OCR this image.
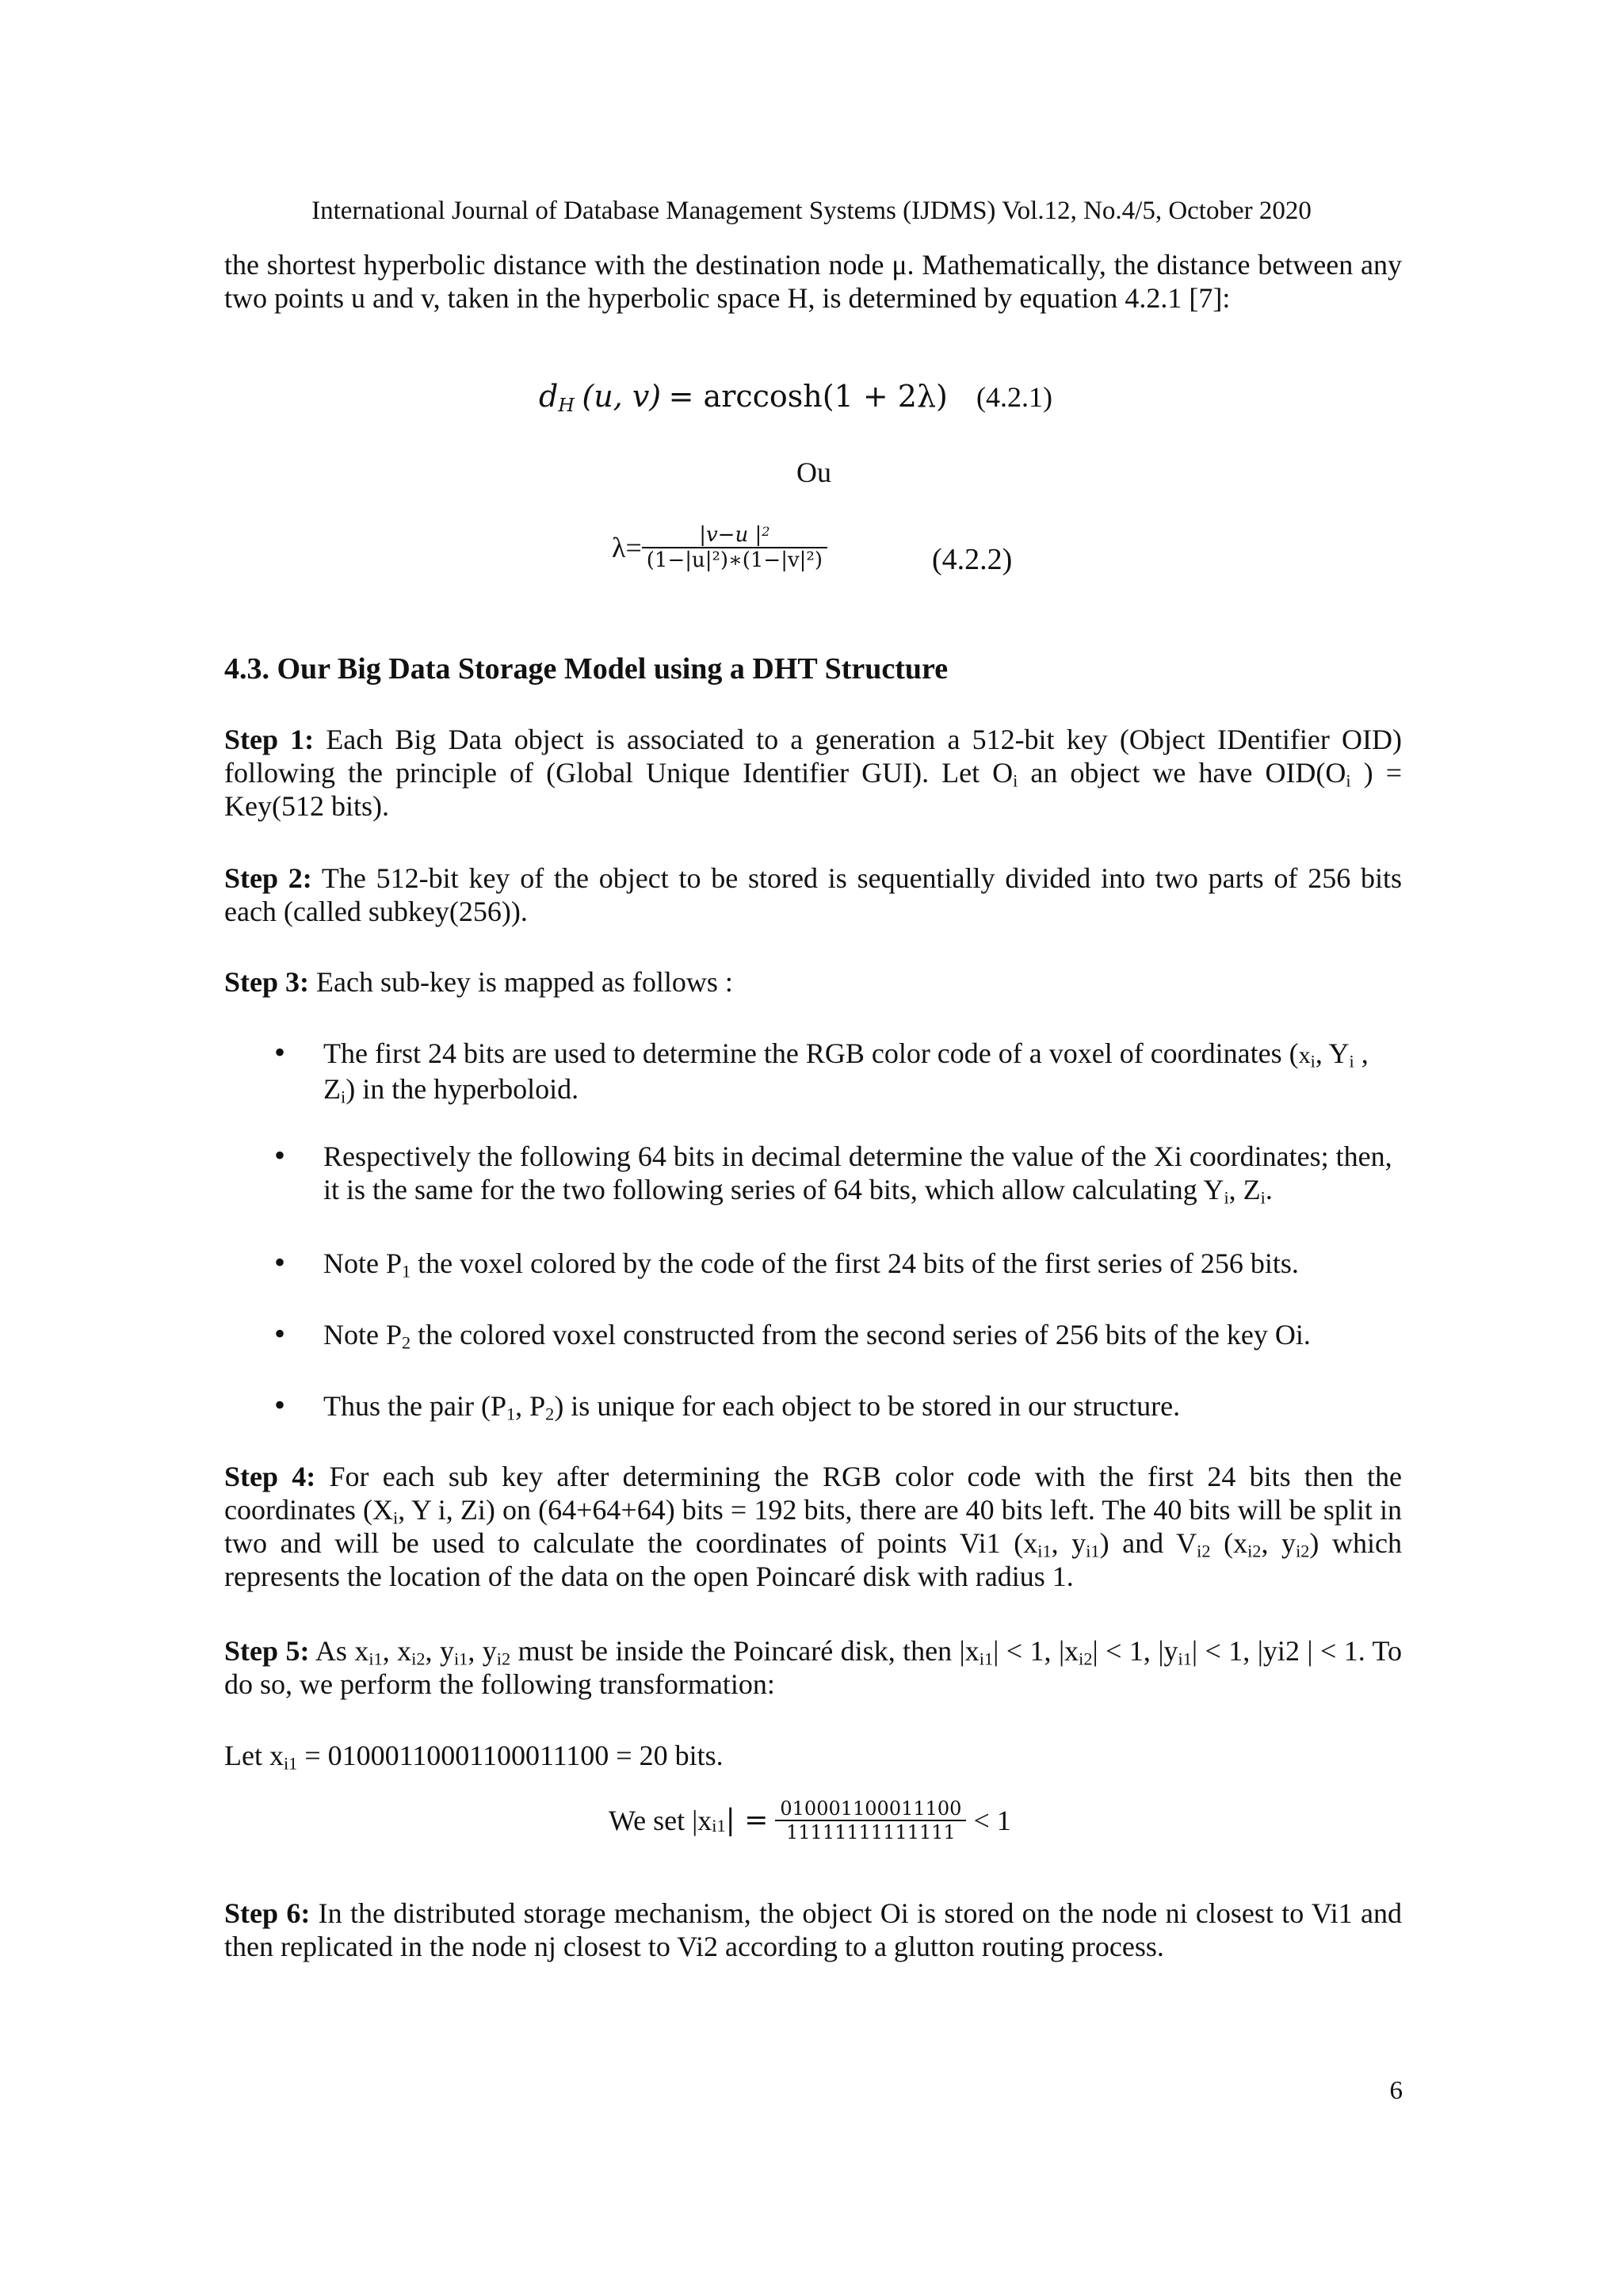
International Journal of Database Management Systems (IJDMS) Vol.12, No.4/5, October 2020
the shortest hyperbolic distance with the destination node μ. Mathematically, the distance between any two points u and v, taken in the hyperbolic space H, is determined by equation 4.2.1 [7]:
$d_H$ (u, v) = arccosh(1 + 2λ) (4.2.1)
Ou
$\lambda= \frac{|v-u |^2}{\text{(1−|u|²)∗(1−|v|²)}}$	(4.2.2)
4.3. Our Big Data Storage Model using a DHT Structure
Step 1: Each Big Data object is associated to a generation a 512-bit key (Object IDentifier OID) following the principle of (Global Unique Identifier GUI). Let $O_i$ an object we have $OID(O_i$ ) = Key(512 bits).
Step 2: The 512-bit key of the object to be stored is sequentially divided into two parts of 256 bits each (called subkey(256)).
Step 3: Each sub-key is mapped as follows :
• The first 24 bits are used to determine the RGB color code of a voxel of coordinates ($x_i$, $Y_i$ , $Z_i$) in the hyperboloid.
• Respectively the following 64 bits in decimal determine the value of the Xi coordinates; then, it is the same for the two following series of 64 bits, which allow calculating $Y_i$, $Z_i$.
• Note $P_1$ the voxel colored by the code of the first 24 bits of the first series of 256 bits.
• Note $P_2$ the colored voxel constructed from the second series of 256 bits of the key Oi.
• Thus the pair ($P_1$, $P_2$) is unique for each object to be stored in our structure.
Step 4: For each sub key after determining the RGB color code with the first 24 bits then the coordinates ($X_i$, Y i, Zi) on (64+64+64) bits = 192 bits, there are 40 bits left. The 40 bits will be split in two and will be used to calculate the coordinates of points Vi1 ($x_{i1}$, $y_{i1}$) and $V_{i2}$ ($x_{i2}$, $y_{i2}$) which represents the location of the data on the open Poincaré disk with radius 1.
Step 5: As $x_{i1}$, $x_{i2}$, $y_{i1}$, $y_{i2}$ must be inside the Poincaré disk, then $|x_{i1}| < 1$, $|x_{i2}| < 1$, $|y_{i1}| < 1$, |yi2 | < 1. To do so, we perform the following transformation:
Let $x_{i1} = 01000110001100011100 = 20$ bits.
We set $|x_{i1}| = \frac{010001100011100}{11111111111111} < 1$
Step 6: In the distributed storage mechanism, the object Oi is stored on the node ni closest to Vi1 and then replicated in the node nj closest to Vi2 according to a glutton routing process.
6
